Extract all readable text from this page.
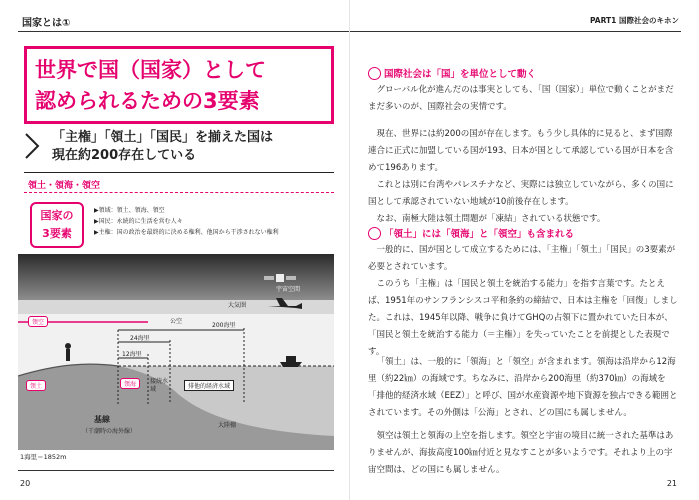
国家とは①	PART1 国際社会のキホン
世界で国（国家）として
認められるための3要素
「主権」「領土」「国民」を揃えた国は
現在約200存在している
領土・領海・領空
国家の
3要素
▶領域：領土、領海、領空
▶国民：永続的に生活を営む人々
▶主権：国の政治を最終的に決める権利、他国から干渉されない権利
宇宙空間
大気圏
公空
領空	200海里
24海里
12海里
領土	領海	接続水域	排他的経済水域
大陸棚
基線
（干潮時の海外線）
1海里＝1852m
20
国際社会は「国」を単位として動く

グローバル化が進んだのは事実としても、「国（国家）」単位で動くことがまだまだ多いのが、国際社会の実情です。

現在、世界には約200の国が存在します。もう少し具体的に見ると、まず国際連合に正式に加盟している国が193、日本が国として承認している国が日本を含めて196あります。

これとは別に台湾やパレスチナなど、実際には独立していながら、多くの国に国として承認されていない地域が10前後存在します。

なお、南極大陸は領土問題が「凍結」されている状態です。

「領土」には「領海」と「領空」も含まれる

一般的に、国が国として成立するためには、「主権」「領土」「国民」の3要素が必要とされています。

このうち「主権」は「国民と領土を統治する能力」を指す言葉です。たとえば、1951年のサンフランシスコ平和条約の締結で、日本は主権を「回復」しました。これは、1945年以降、戦争に負けてGHQの占領下に置かれていた日本が、「国民と領土を統治する能力（＝主権）」を失っていたことを前提とした表現です。

「領土」は、一般的に「領海」と「領空」が含まれます。領海は沿岸から12海里（約22㎞）の海域です。ちなみに、沿岸から200海里（約370㎞）の海域を「排他的経済水域（EEZ）」と呼び、国が水産資源や地下資源を独占できる範囲とされています。その外側は「公海」とされ、どの国にも属しません。

領空は領土と領海の上空を指します。領空と宇宙の境目に統一された基準はありませんが、海抜高度100㎞付近と見なすことが多いようです。それより上の宇宙空間は、どの国にも属しません。

21
